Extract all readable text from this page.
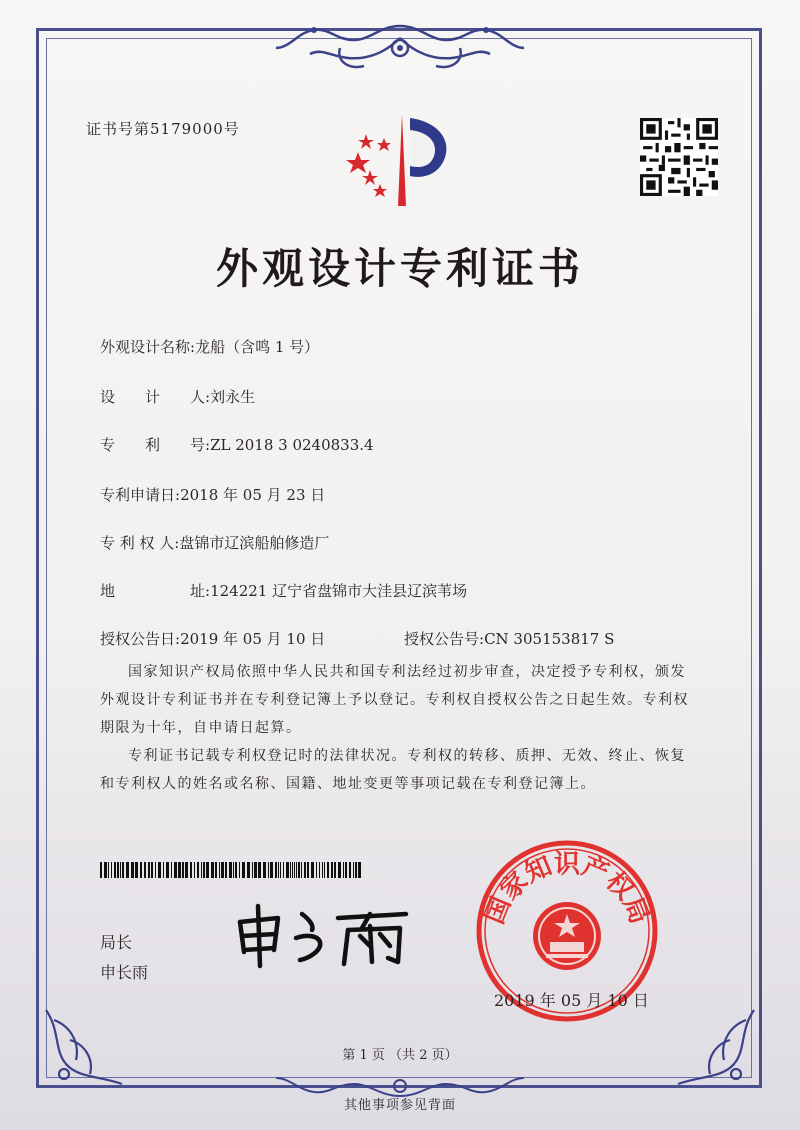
证书号第5179000号
外观设计专利证书
外观设计名称:龙船（含鸣 1 号）
设　　计　　人:刘永生
专　　利　　号:ZL 2018 3 0240833.4
专利申请日:2018 年 05 月 23 日
专 利 权 人:盘锦市辽滨船舶修造厂
地　　　　　址:124221 辽宁省盘锦市大洼县辽滨苇场
授权公告日:2019 年 05 月 10 日	授权公告号:CN 305153817 S
国家知识产权局依照中华人民共和国专利法经过初步审查，决定授予专利权，颁发外观设计专利证书并在专利登记簿上予以登记。专利权自授权公告之日起生效。专利权期限为十年，自申请日起算。
专利证书记载专利权登记时的法律状况。专利权的转移、质押、无效、终止、恢复和专利权人的姓名或名称、国籍、地址变更等事项记载在专利登记簿上。
局长
申长雨
国家知识产权局
2019 年 05 月 10 日
第 1 页 （共 2 页）
其他事项参见背面
